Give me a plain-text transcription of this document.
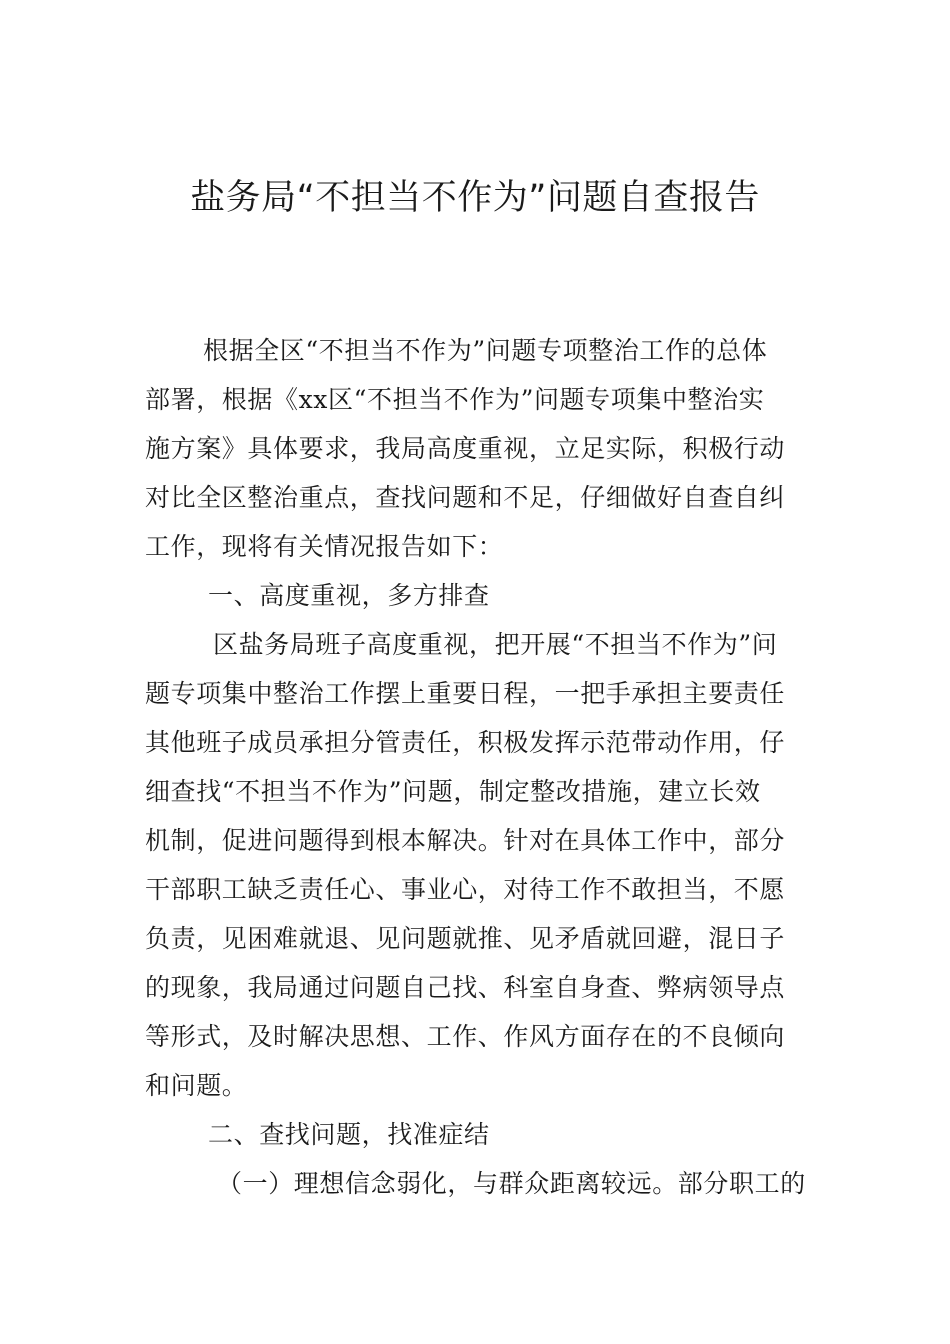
盐务局“不担当不作为”问题自查报告
根据全区“不担当不作为”问题专项整治工作的总体
部署，根据《xx区“不担当不作为”问题专项集中整治实
施方案》具体要求，我局高度重视，立足实际，积极行动
对比全区整治重点，查找问题和不足，仔细做好自查自纠
工作，现将有关情况报告如下：
一、高度重视，多方排查
区盐务局班子高度重视，把开展“不担当不作为”问
题专项集中整治工作摆上重要日程，一把手承担主要责任
其他班子成员承担分管责任，积极发挥示范带动作用，仔
细查找“不担当不作为”问题，制定整改措施，建立长效
机制，促进问题得到根本解决。针对在具体工作中，部分
干部职工缺乏责任心、事业心，对待工作不敢担当，不愿
负责，见困难就退、见问题就推、见矛盾就回避，混日子
的现象，我局通过问题自己找、科室自身查、弊病领导点
等形式，及时解决思想、工作、作风方面存在的不良倾向
和问题。
二、查找问题，找准症结
（一）理想信念弱化，与群众距离较远。部分职工的
